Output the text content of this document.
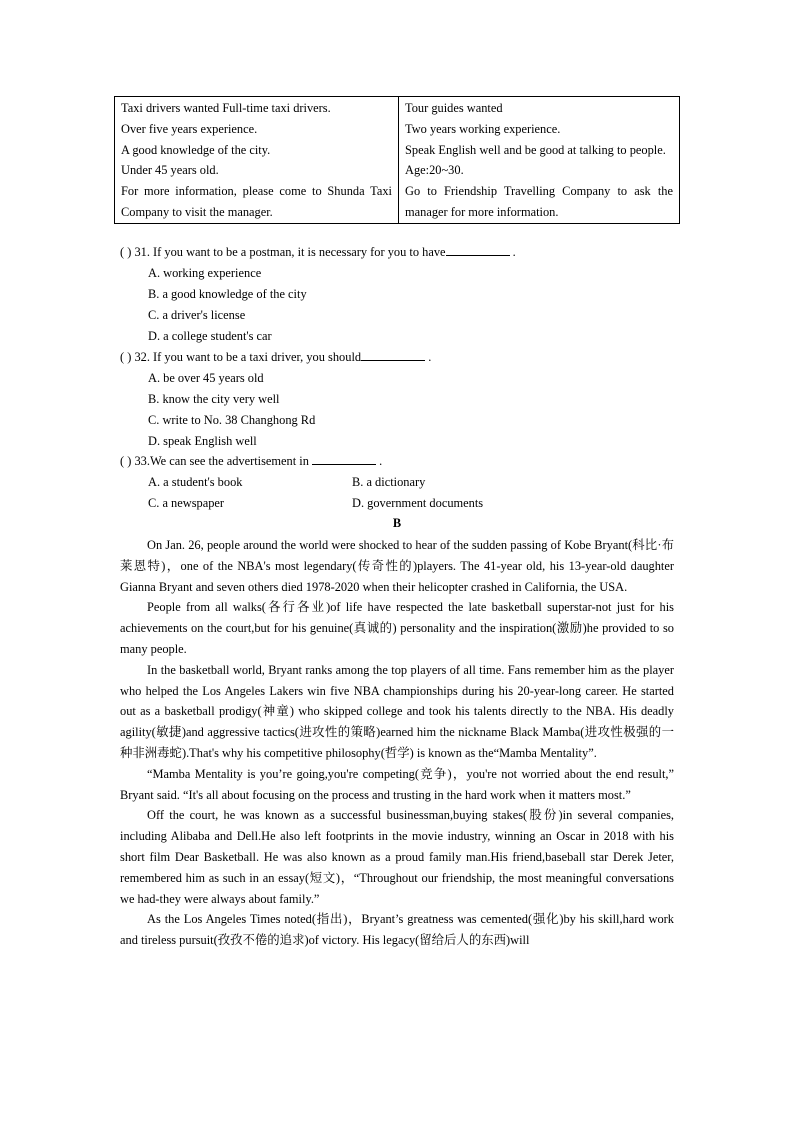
Taxi drivers wanted Full-time taxi drivers.
Over five years experience.
A good knowledge of the city.
Under 45 years old.
For more information, please come to Shunda Taxi Company to visit the manager.

Tour guides wanted
Two years working experience.
Speak English well and be good at talking to people.
Age:20~30.
Go to Friendship Travelling Company to ask the manager for more information.
( ) 31. If you want to be a postman, it is necessary for you to have	.
A. working experience
B. a good knowledge of the city
C. a driver's license
D. a college student's car
( ) 32. If you want to be a taxi driver, you should	.
A. be over 45 years old
B. know the city very well
C. write to No. 38 Changhong Rd
D. speak English well
( ) 33.We can see the advertisement in	.
A. a student's book	B. a dictionary
C. a newspaper	D. government documents
B

On Jan. 26, people around the world were shocked to hear of the sudden passing of Kobe Bryant(科比·布莱恩特)，one of the NBA's most legendary(传奇性的)players. The 41-year old, his 13-year-old daughter Gianna Bryant and seven others died 1978-2020 when their helicopter crashed in California, the USA.

People from all walks(各行各业)of life have respected the late basketball superstar-not just for his achievements on the court,but for his genuine(真诚的) personality and the inspiration(激励)he provided to so many people.

In the basketball world, Bryant ranks among the top players of all time. Fans remember him as the player who helped the Los Angeles Lakers win five NBA championships during his 20-year-long career. He started out as a basketball prodigy(神童) who skipped college and took his talents directly to the NBA. His deadly agility(敏捷)and aggressive tactics(进攻性的策略)earned him the nickname Black Mamba(进攻性极强的一种非洲毒蛇).That's why his competitive philosophy(哲学) is known as the“Mamba Mentality”.

“Mamba Mentality is you’re going,you're competing(竞争)，you're not worried about the end result,” Bryant said. “It's all about focusing on the process and trusting in the hard work when it matters most.”

Off the court, he was known as a successful businessman,buying stakes(股份)in several companies, including Alibaba and Dell.He also left footprints in the movie industry, winning an Oscar in 2018 with his short film Dear Basketball. He was also known as a proud family man.His friend,baseball star Derek Jeter, remembered him as such in an essay(短文)，“Throughout our friendship, the most meaningful conversations we had-they were always about family.”

As the Los Angeles Times noted(指出)，Bryant’s greatness was cemented(强化)by his skill,hard work and tireless pursuit(孜孜不倦的追求)of victory. His legacy(留给后人的东西)will
